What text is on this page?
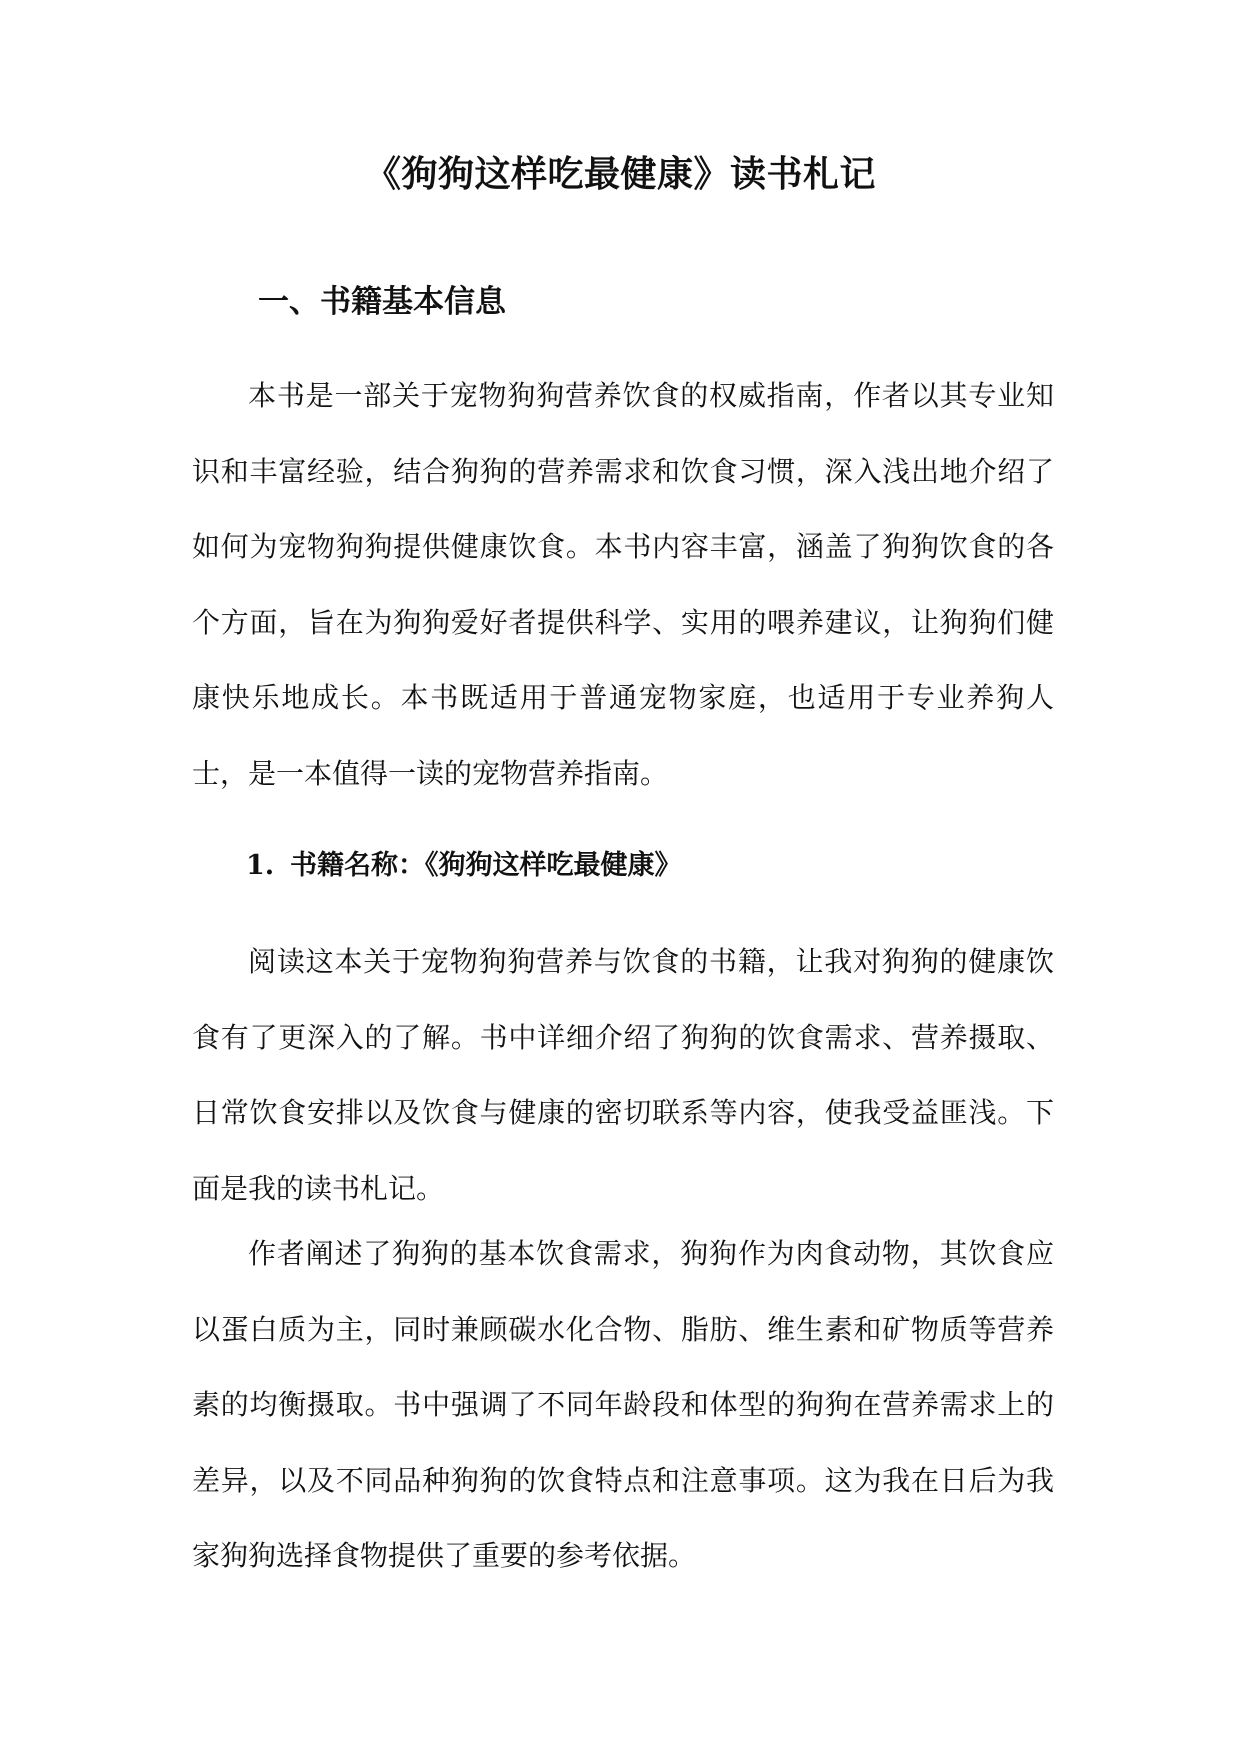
《狗狗这样吃最健康》读书札记
一、书籍基本信息
本书是一部关于宠物狗狗营养饮食的权威指南，作者以其专业知识和丰富经验，结合狗狗的营养需求和饮食习惯，深入浅出地介绍了如何为宠物狗狗提供健康饮食。本书内容丰富，涵盖了狗狗饮食的各个方面，旨在为狗狗爱好者提供科学、实用的喂养建议，让狗狗们健康快乐地成长。本书既适用于普通宠物家庭，也适用于专业养狗人士，是一本值得一读的宠物营养指南。
1. 书籍名称：《狗狗这样吃最健康》
阅读这本关于宠物狗狗营养与饮食的书籍，让我对狗狗的健康饮食有了更深入的了解。书中详细介绍了狗狗的饮食需求、营养摄取、日常饮食安排以及饮食与健康的密切联系等内容，使我受益匪浅。下面是我的读书札记。
作者阐述了狗狗的基本饮食需求，狗狗作为肉食动物，其饮食应以蛋白质为主，同时兼顾碳水化合物、脂肪、维生素和矿物质等营养素的均衡摄取。书中强调了不同年龄段和体型的狗狗在营养需求上的差异，以及不同品种狗狗的饮食特点和注意事项。这为我在日后为我家狗狗选择食物提供了重要的参考依据。
